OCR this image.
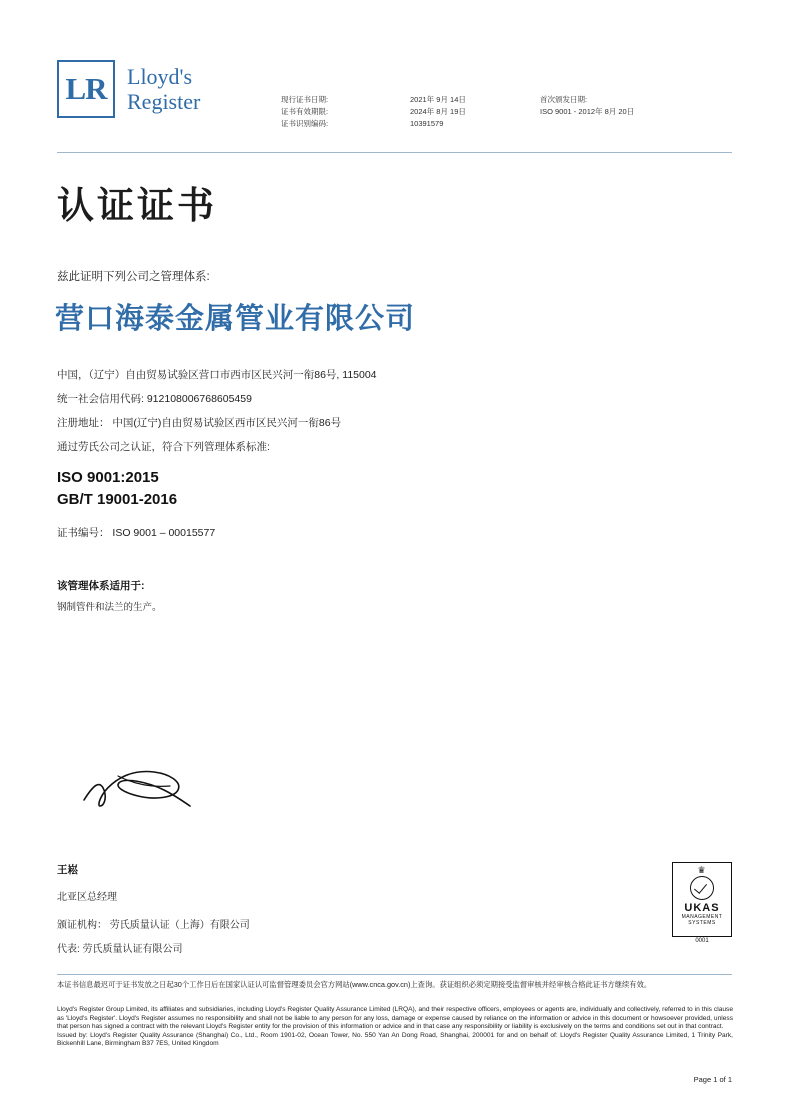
LR Lloyd's
Register	现行证书日期:
证书有效期限:
证书识别编码:
2021年 9月 14日
2024年 8月 19日
10391579
首次颁发日期:
ISO 9001 - 2012年 8月 20日
认证证书
兹此证明下列公司之管理体系:
营口海泰金属管业有限公司
中国，（辽宁）自由贸易试验区营口市西市区民兴河一衔86号, 115004
统一社会信用代码: 912108006768605459
注册地址： 中国(辽宁)自由贸易试验区西市区民兴河一衔86号
通过劳氏公司之认证，符合下列管理体系标准:
ISO 9001:2015
GB/T 19001-2016
证书编号： ISO 9001 – 00015577
该管理体系适用于:
钢制管件和法兰的生产。
王崧
北亚区总经理
颁证机构： 劳氏质量认证（上海）有限公司
代表: 劳氏质量认证有限公司
♛
UKAS
MANAGEMENT
SYSTEMS
0001
本证书信息最迟可于证书发放之日起30个工作日后在国家认证认可监督管理委员会官方网站(www.cnca.gov.cn)上查询。获证组织必须定期接受监督审核并经审核合格此证书方继续有效。
Lloyd's Register Group Limited, its affiliates and subsidiaries, including Lloyd's Register Quality Assurance Limited (LRQA), and their respective officers, employees or agents are, individually and collectively, referred to in this clause as 'Lloyd's Register'. Lloyd's Register assumes no responsibility and shall not be liable to any person for any loss, damage or expense caused by reliance on the information or advice in this document or howsoever provided, unless that person has signed a contract with the relevant Lloyd's Register entity for the provision of this information or advice and in that case any responsibility or liability is exclusively on the terms and conditions set out in that contract.
Issued by: Lloyd's Register Quality Assurance (Shanghai) Co., Ltd., Room 1901-02, Ocean Tower, No. 550 Yan An Dong Road, Shanghai, 200001 for and on behalf of: Lloyd's Register Quality Assurance Limited, 1 Trinity Park, Bickenhill Lane, Birmingham B37 7ES, United Kingdom
Page 1 of 1
